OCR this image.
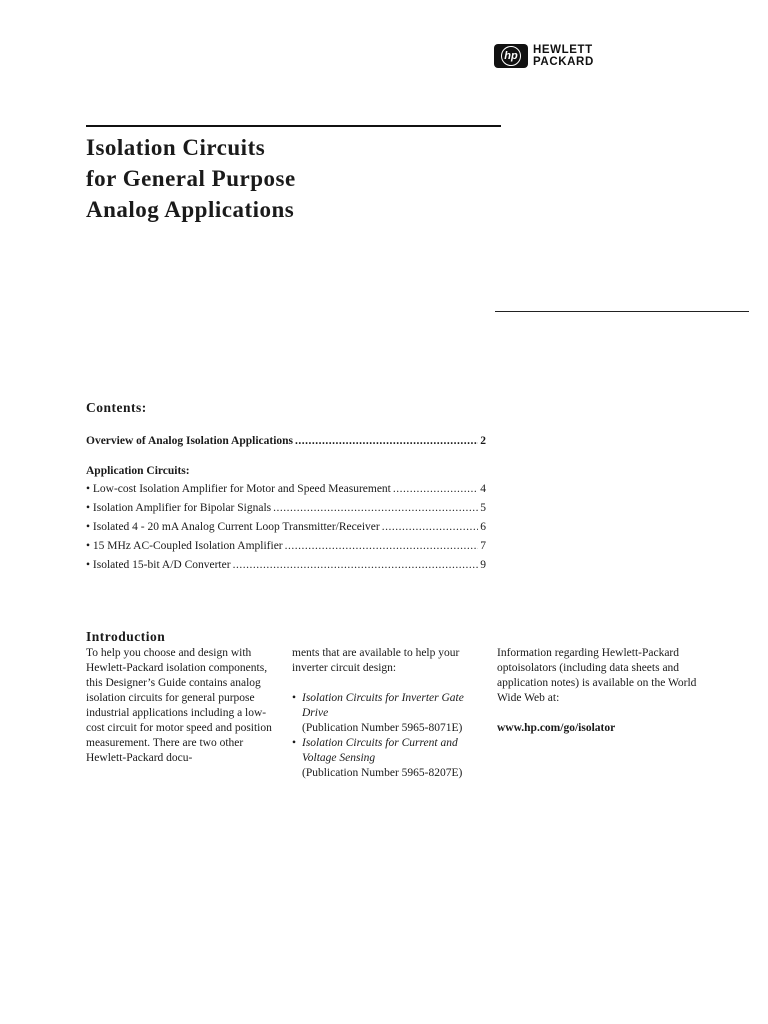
hp HEWLETT
PACKARD
Isolation Circuits
for General Purpose
Analog Applications
Contents:
Overview of Analog Isolation Applications .....	2
Application Circuits:
• Low-cost Isolation Amplifier for Motor and Speed Measurement .....	4
• Isolation Amplifier for Bipolar Signals .....	5
• Isolated 4 - 20 mA Analog Current Loop Transmitter/Receiver .....	6
• 15 MHz AC-Coupled Isolation Amplifier .....	7
• Isolated 15-bit A/D Converter .....	9
Introduction

To help you choose and design with Hewlett-Packard isolation components, this Designer’s Guide contains analog isolation circuits for general purpose industrial applications including a low-cost circuit for motor speed and position measurement. There are two other Hewlett-Packard docu-

ments that are available to help your inverter circuit design:

• Isolation Circuits for Inverter Gate Drive
(Publication Number 5965-8071E)
• Isolation Circuits for Current and Voltage Sensing
(Publication Number 5965-8207E)

Information regarding Hewlett-Packard optoisolators (including data sheets and application notes) is available on the World Wide Web at:

www.hp.com/go/isolator
